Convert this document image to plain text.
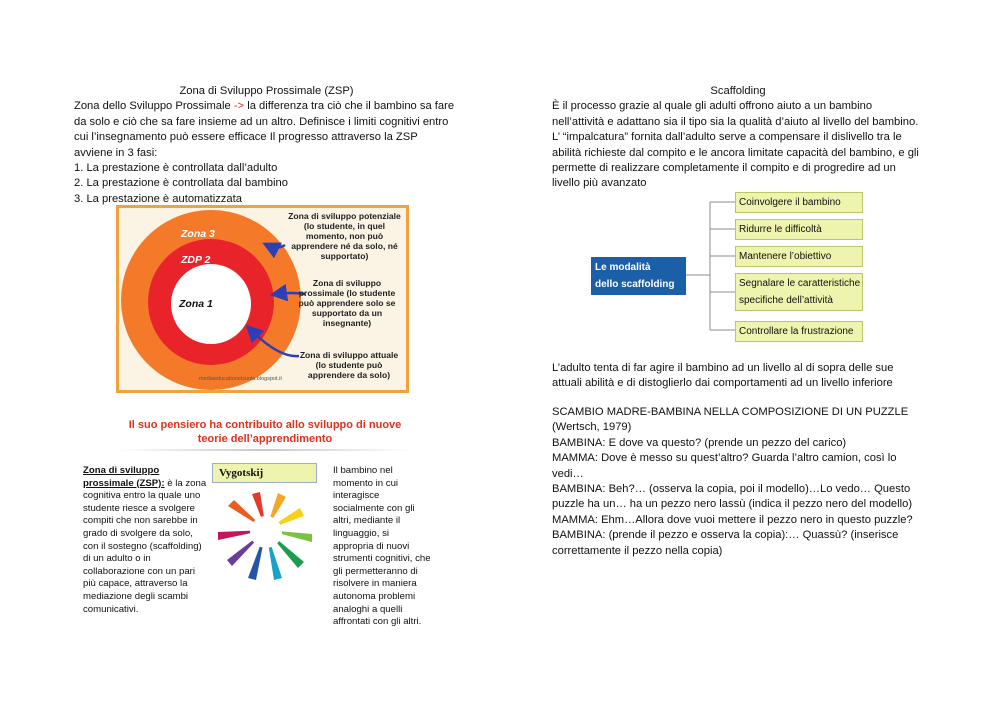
Zona di Sviluppo Prossimale (ZSP)

Zona dello Sviluppo Prossimale -> la differenza tra ciò che il bambino sa fare da solo e ciò che sa fare insieme ad un altro. Definisce i limiti cognitivi entro cui l’insegnamento può essere efficace Il progresso attraverso la ZSP avviene in 3 fasi:

1. La prestazione è controllata dall’adulto

2. La prestazione è controllata dal bambino

3. La prestazione è automatizzata

Zona 3
ZDP 2
Zona 1
Zona di sviluppo potenziale (lo studente, in quel momento, non può apprendere né da solo, né supportato)
Zona di sviluppo prossimale (lo studente può apprendere solo se supportato da un insegnante)
Zona di sviluppo attuale (lo studente può apprendere da solo)
mediaeducationeisuola.blogspot.it
Il suo pensiero ha contribuito allo sviluppo di nuove teorie dell’apprendimento
Zona di sviluppo prossimale (ZSP): è la zona cognitiva entro la quale uno studente riesce a svolgere compiti che non sarebbe in grado di svolgere da solo, con il sostegno (scaffolding) di un adulto o in collaborazione con un pari più capace, attraverso la mediazione degli scambi comunicativi.
Vygotskij	Il bambino nel momento in cui interagisce socialmente con gli altri, mediante il linguaggio, si appropria di nuovi strumenti cognitivi, che gli permetteranno di risolvere in maniera autonoma problemi analoghi a quelli affrontati con gli altri.

Scaffolding

È il processo grazie al quale gli adulti offrono aiuto a un bambino nell’attività e adattano sia il tipo sia la qualità d’aiuto al livello del bambino. L’ “impalcatura” fornita dall’adulto serve a compensare il dislivello tra le abilità richieste dal compito e le ancora limitate capacità del bambino, e gli permette di realizzare completamente il compito e di progredire ad un livello più avanzato

Le modalità
dello scaffolding
Coinvolgere il bambino
Ridurre le difficoltà
Mantenere l’obiettivo
Segnalare le caratteristiche specifiche dell’attività
Controllare la frustrazione
L’adulto tenta di far agire il bambino ad un livello al di sopra delle sue attuali abilità e di distoglierlo dai comportamenti ad un livello inferiore

SCAMBIO MADRE-BAMBINA NELLA COMPOSIZIONE DI UN PUZZLE

(Wertsch, 1979)

BAMBINA: E dove va questo? (prende un pezzo del carico)

MAMMA: Dove è messo su quest’altro? Guarda l’altro camion, così lo vedi…

BAMBINA: Beh?… (osserva la copia, poi il modello)…Lo vedo… Questo puzzle ha un… ha un pezzo nero lassù (indica il pezzo nero del modello)

MAMMA: Ehm…Allora dove vuoi mettere il pezzo nero in questo puzzle?

BAMBINA: (prende il pezzo e osserva la copia):… Quassù? (inserisce correttamente il pezzo nella copia)
